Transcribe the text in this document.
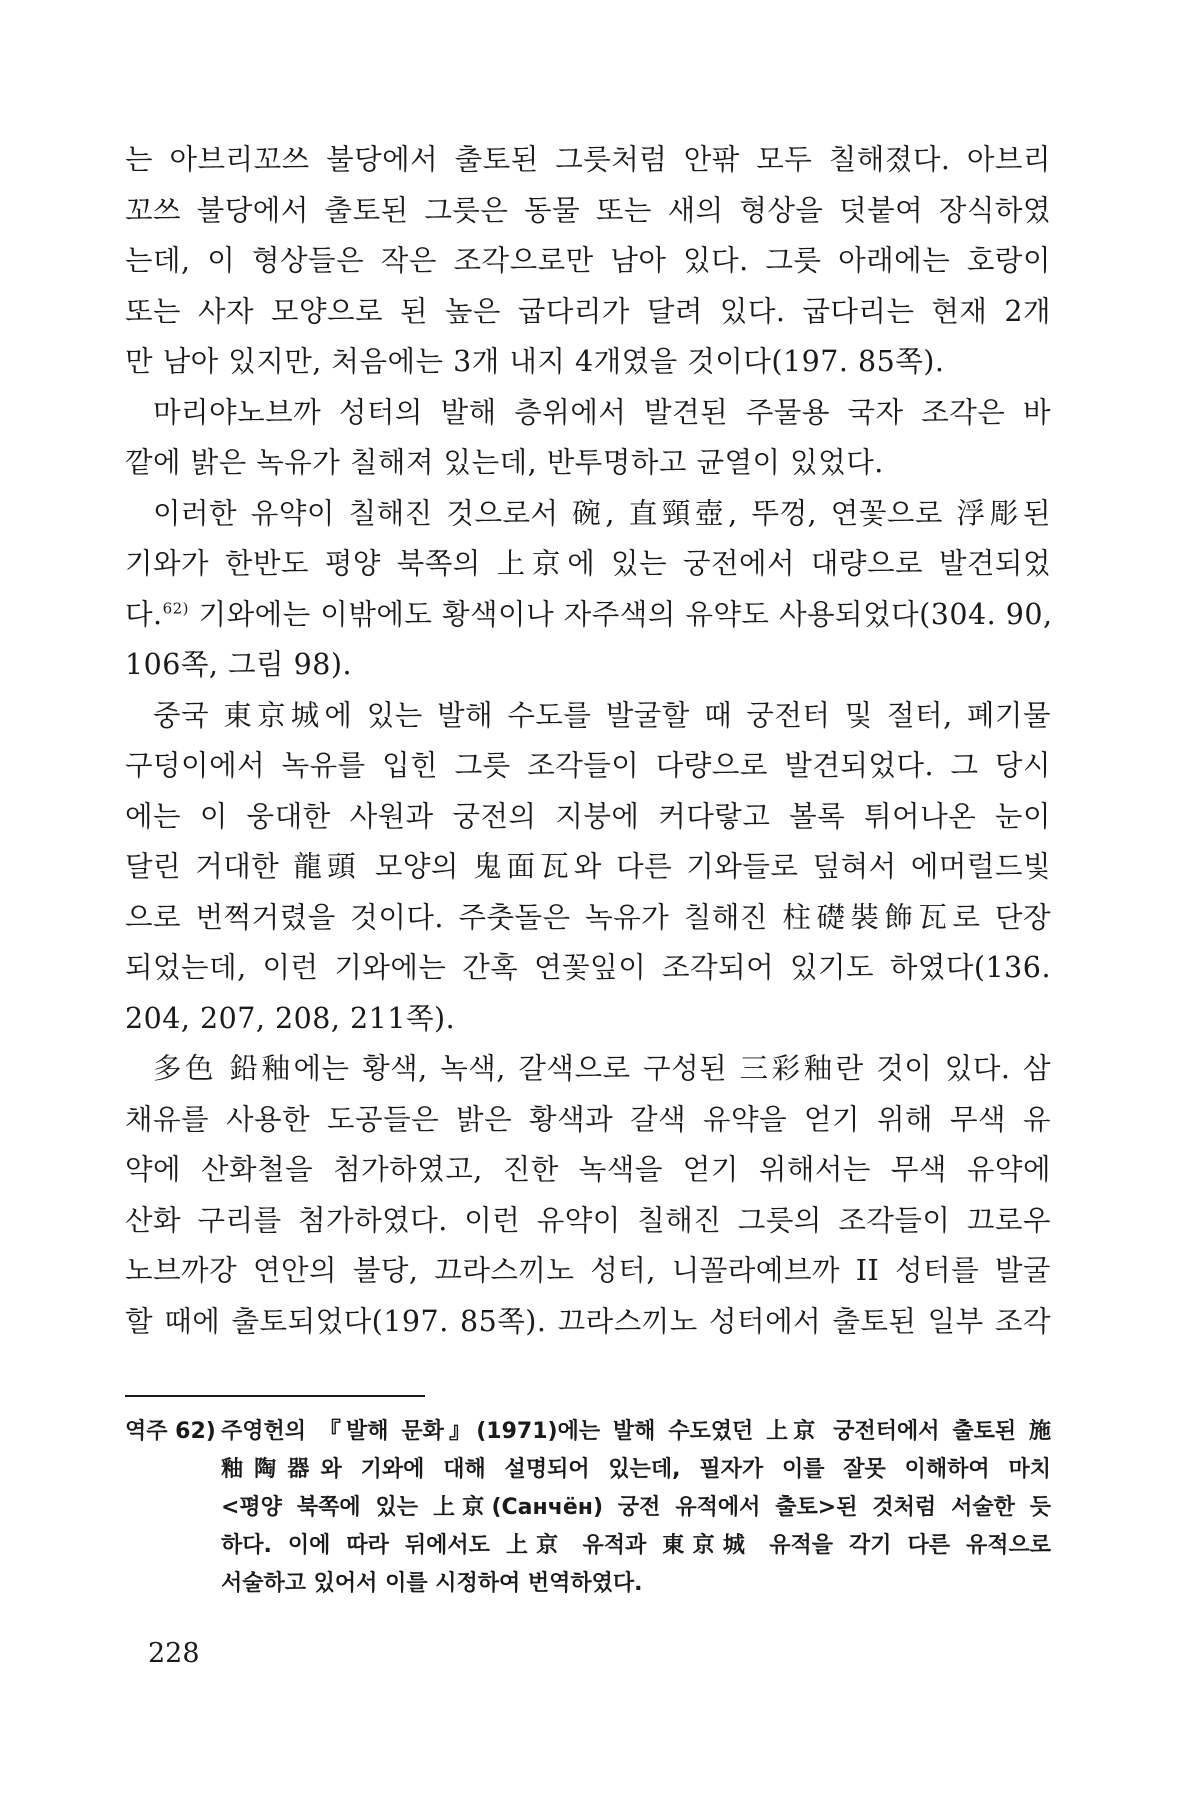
는 아브리꼬쓰 불당에서 출토된 그릇처럼 안팎 모두 칠해졌다. 아브리
꼬쓰 불당에서 출토된 그릇은 동물 또는 새의 형상을 덧붙여 장식하였
는데, 이 형상들은 작은 조각으로만 남아 있다. 그릇 아래에는 호랑이
또는 사자 모양으로 된 높은 굽다리가 달려 있다. 굽다리는 현재 2개
만 남아 있지만, 처음에는 3개 내지 4개였을 것이다(197. 85쪽).
마리야노브까 성터의 발해 층위에서 발견된 주물용 국자 조각은 바
깥에 밝은 녹유가 칠해져 있는데, 반투명하고 균열이 있었다.
이러한 유약이 칠해진 것으로서 碗, 直頸壺, 뚜껑, 연꽃으로 浮彫된
기와가 한반도 평양 북쪽의 上京에 있는 궁전에서 대량으로 발견되었
다.$^{62)}$ 기와에는 이밖에도 황색이나 자주색의 유약도 사용되었다(304. 90,
106쪽, 그림 98).
중국 東京城에 있는 발해 수도를 발굴할 때 궁전터 및 절터, 폐기물
구덩이에서 녹유를 입힌 그릇 조각들이 다량으로 발견되었다. 그 당시
에는 이 웅대한 사원과 궁전의 지붕에 커다랗고 볼록 튀어나온 눈이
달린 거대한 龍頭 모양의 鬼面瓦와 다른 기와들로 덮혀서 에머럴드빛
으로 번쩍거렸을 것이다. 주춧돌은 녹유가 칠해진 柱礎裝飾瓦로 단장
되었는데, 이런 기와에는 간혹 연꽃잎이 조각되어 있기도 하였다(136.
204, 207, 208, 211쪽).
多色 鉛釉에는 황색, 녹색, 갈색으로 구성된 三彩釉란 것이 있다. 삼
채유를 사용한 도공들은 밝은 황색과 갈색 유약을 얻기 위해 무색 유
약에 산화철을 첨가하였고, 진한 녹색을 얻기 위해서는 무색 유약에
산화 구리를 첨가하였다. 이런 유약이 칠해진 그릇의 조각들이 끄로우
노브까강 연안의 불당, 끄라스끼노 성터, 니꼴라예브까 II 성터를 발굴
할 때에 출토되었다(197. 85쪽). 끄라스끼노 성터에서 출토된 일부 조각
역주 62) 주영헌의 『발해 문화』(1971)에는 발해 수도였던 上京 궁전터에서 출토된 施
釉陶器와 기와에 대해 설명되어 있는데, 필자가 이를 잘못 이해하여 마치
<평양 북쪽에 있는 上京(Санчён) 궁전 유적에서 출토>된 것처럼 서술한 듯
하다. 이에 따라 뒤에서도 上京 유적과 東京城 유적을 각기 다른 유적으로
서술하고 있어서 이를 시정하여 번역하였다.
228
